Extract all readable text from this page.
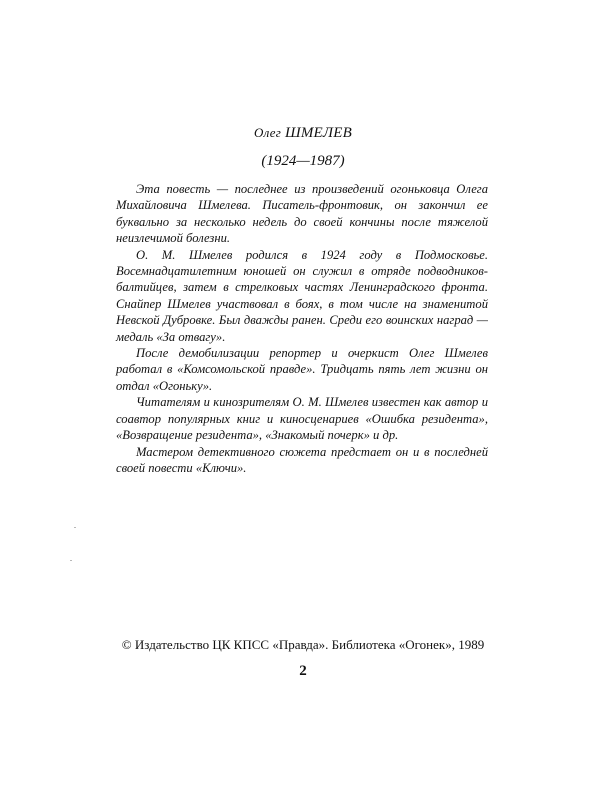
Олег ШМЕЛЕВ
(1924—1987)

Эта повесть — последнее из произведений огоньковца Олега Михайловича Шмелева. Писатель-фронтовик, он закончил ее буквально за несколько недель до своей кончины после тяжелой неизлечимой болезни.

О. М. Шмелев родился в 1924 году в Подмосковье. Восемнадцатилетним юношей он служил в отряде подводников-балтийцев, затем в стрелковых частях Ленинградского фронта. Снайпер Шмелев участвовал в боях, в том числе на знаменитой Невской Дубровке. Был дважды ранен. Среди его воинских наград — медаль «За отвагу».

После демобилизации репортер и очеркист Олег Шмелев работал в «Комсомольской правде». Тридцать пять лет жизни он отдал «Огоньку».

Читателям и кинозрителям О. М. Шмелев известен как автор и соавтор популярных книг и киносценариев «Ошибка резидента», «Возвращение резидента», «Знакомый почерк» и др.

Мастером детективного сюжета предстает он и в последней своей повести «Ключи».

© Издательство ЦК КПСС «Правда». Библиотека «Огонек», 1989
2
